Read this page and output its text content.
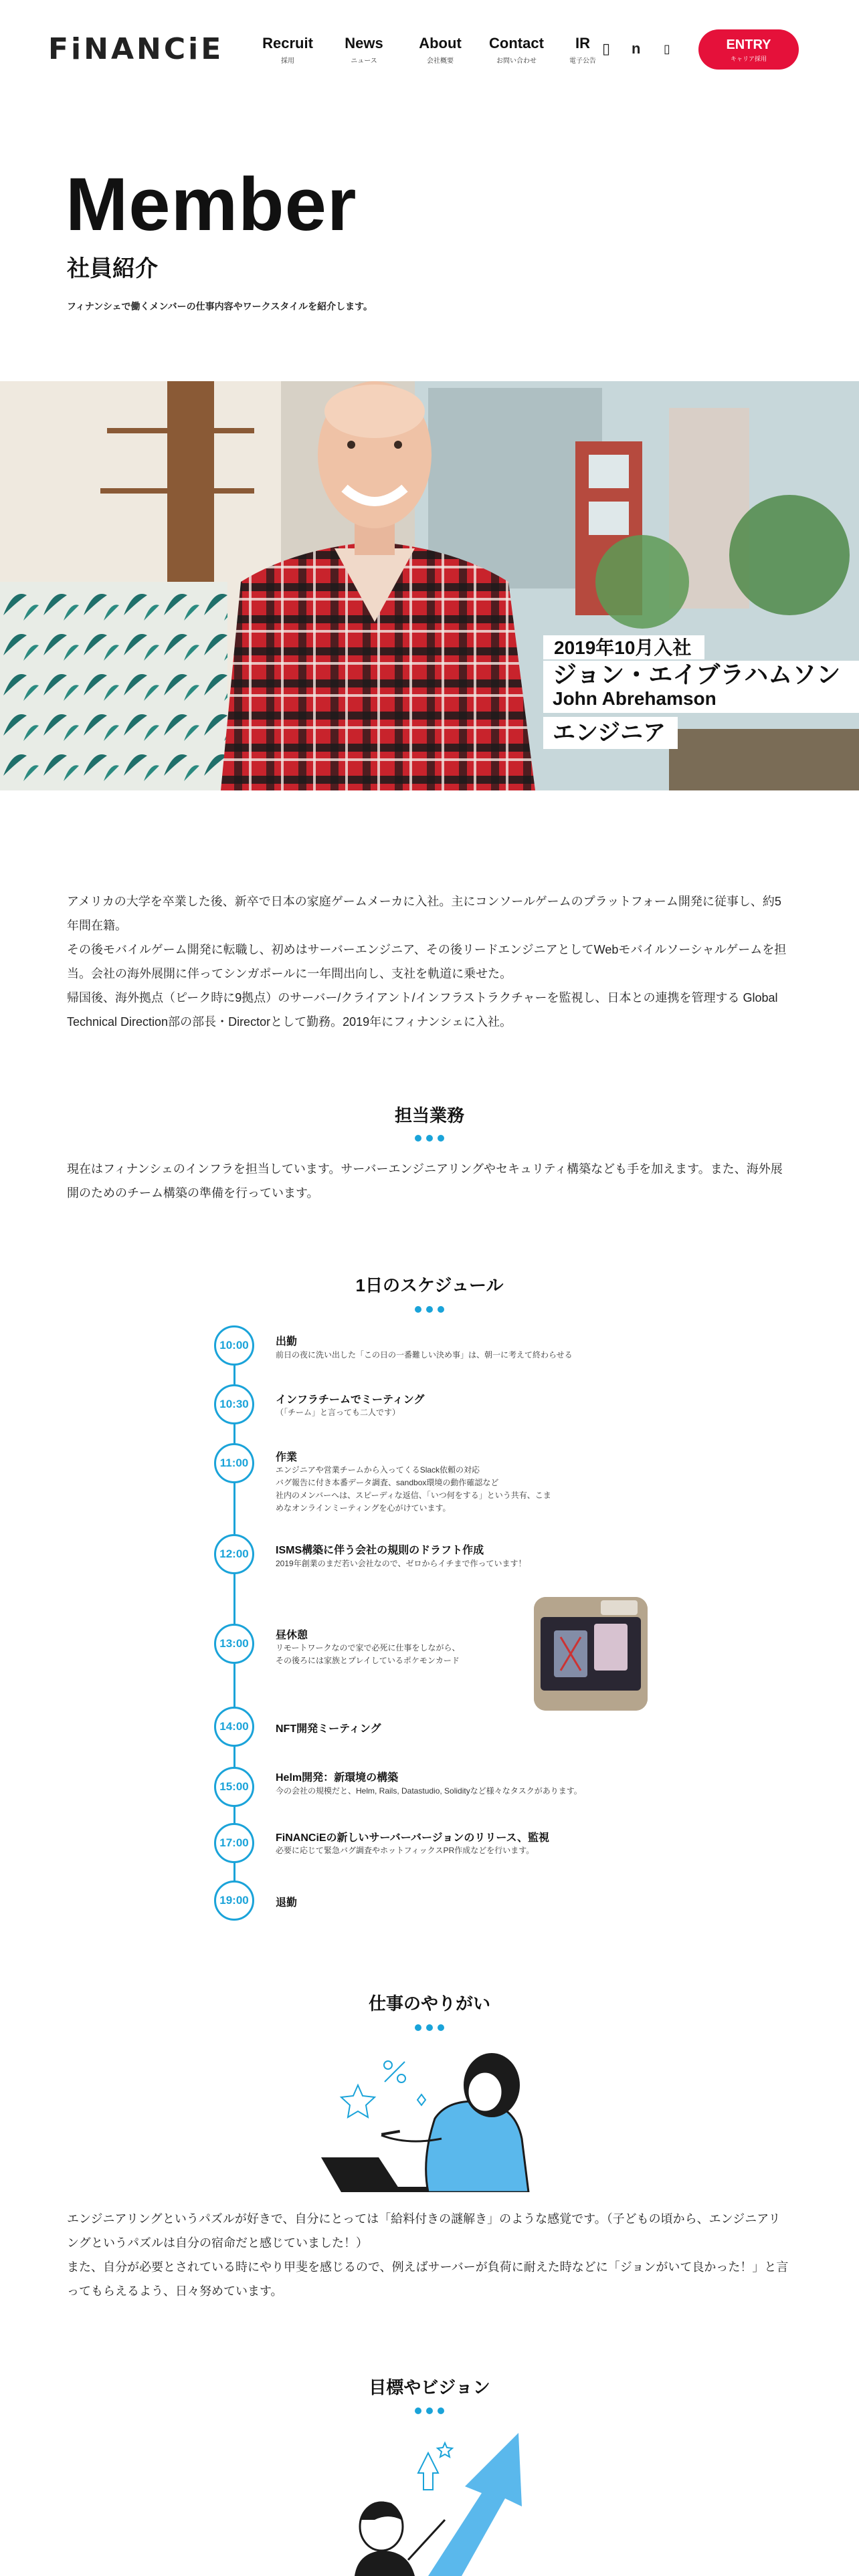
FiNANCiE	Recruit
採用
News
ニュース
About
会社概要
Contact
お問い合わせ
IR
電子公告
▯ n ▯	ENTRY
キャリア採用
Member
社員紹介

フィナンシェで働くメンバーの仕事内容やワークスタイルを紹介します。

2019年10月入社
ジョン・エイブラハムソン
John Abrehamson
エンジニア

アメリカの大学を卒業した後、新卒で日本の家庭ゲームメーカに入社。主にコンソールゲームのプラットフォーム開発に従事し、約5年間在籍。

その後モバイルゲーム開発に転職し、初めはサーバーエンジニア、その後リードエンジニアとしてWebモバイルソーシャルゲームを担当。会社の海外展開に伴ってシンガポールに一年間出向し、支社を軌道に乗せた。

帰国後、海外拠点（ピーク時に9拠点）のサーバー/クライアント/インフラストラクチャーを監視し、日本との連携を管理する Global Technical Direction部の部長・Directorとして勤務。2019年にフィナンシェに入社。

担当業務

現在はフィナンシェのインフラを担当しています。サーバーエンジニアリングやセキュリティ構築なども手を加えます。また、海外展開のためのチーム構築の準備を行っています。

1日のスケジュール
10:00	出勤
前日の夜に洗い出した「この日の一番難しい決め事」は、朝一に考えて終わらせる
10:30	インフラチームでミーティング
（「チーム」と言っても二人です）
11:00	作業
エンジニアや営業チームから入ってくるSlack依頼の対応
バグ報告に付き本番データ調査、sandbox環境の動作確認など
社内のメンバーへは、スピーディな返信、「いつ何をする」という共有、こま
めなオンラインミーティングを心がけています。
12:00	ISMS構築に伴う会社の規則のドラフト作成
2019年創業のまだ若い会社なので、ゼロからイチまで作っています！
13:00
昼休憩
リモートワークなので家で必死に仕事をしながら、
その後ろには家族とプレイしているポケモンカード
14:00	NFT開発ミーティング
15:00
Helm開発：新環境の構築
今の会社の規模だと、Helm, Rails, Datastudio, Solidityなど様々なタスクがあります。
17:00	FiNANCiEの新しいサーバーバージョンのリリース、監視
必要に応じて緊急バグ調査やホットフィックスPR作成などを行います。
19:00	退勤
仕事のやりがい

エンジニアリングというパズルが好きで、自分にとっては「給料付きの謎解き」のような感覚です。（子どもの頃から、エンジニアリングというパズルは自分の宿命だと感じていました！）

また、自分が必要とされている時にやり甲斐を感じるので、例えばサーバーが負荷に耐えた時などに「ジョンがいて良かった！」と言ってもらえるよう、日々努めています。

目標やビジョン
